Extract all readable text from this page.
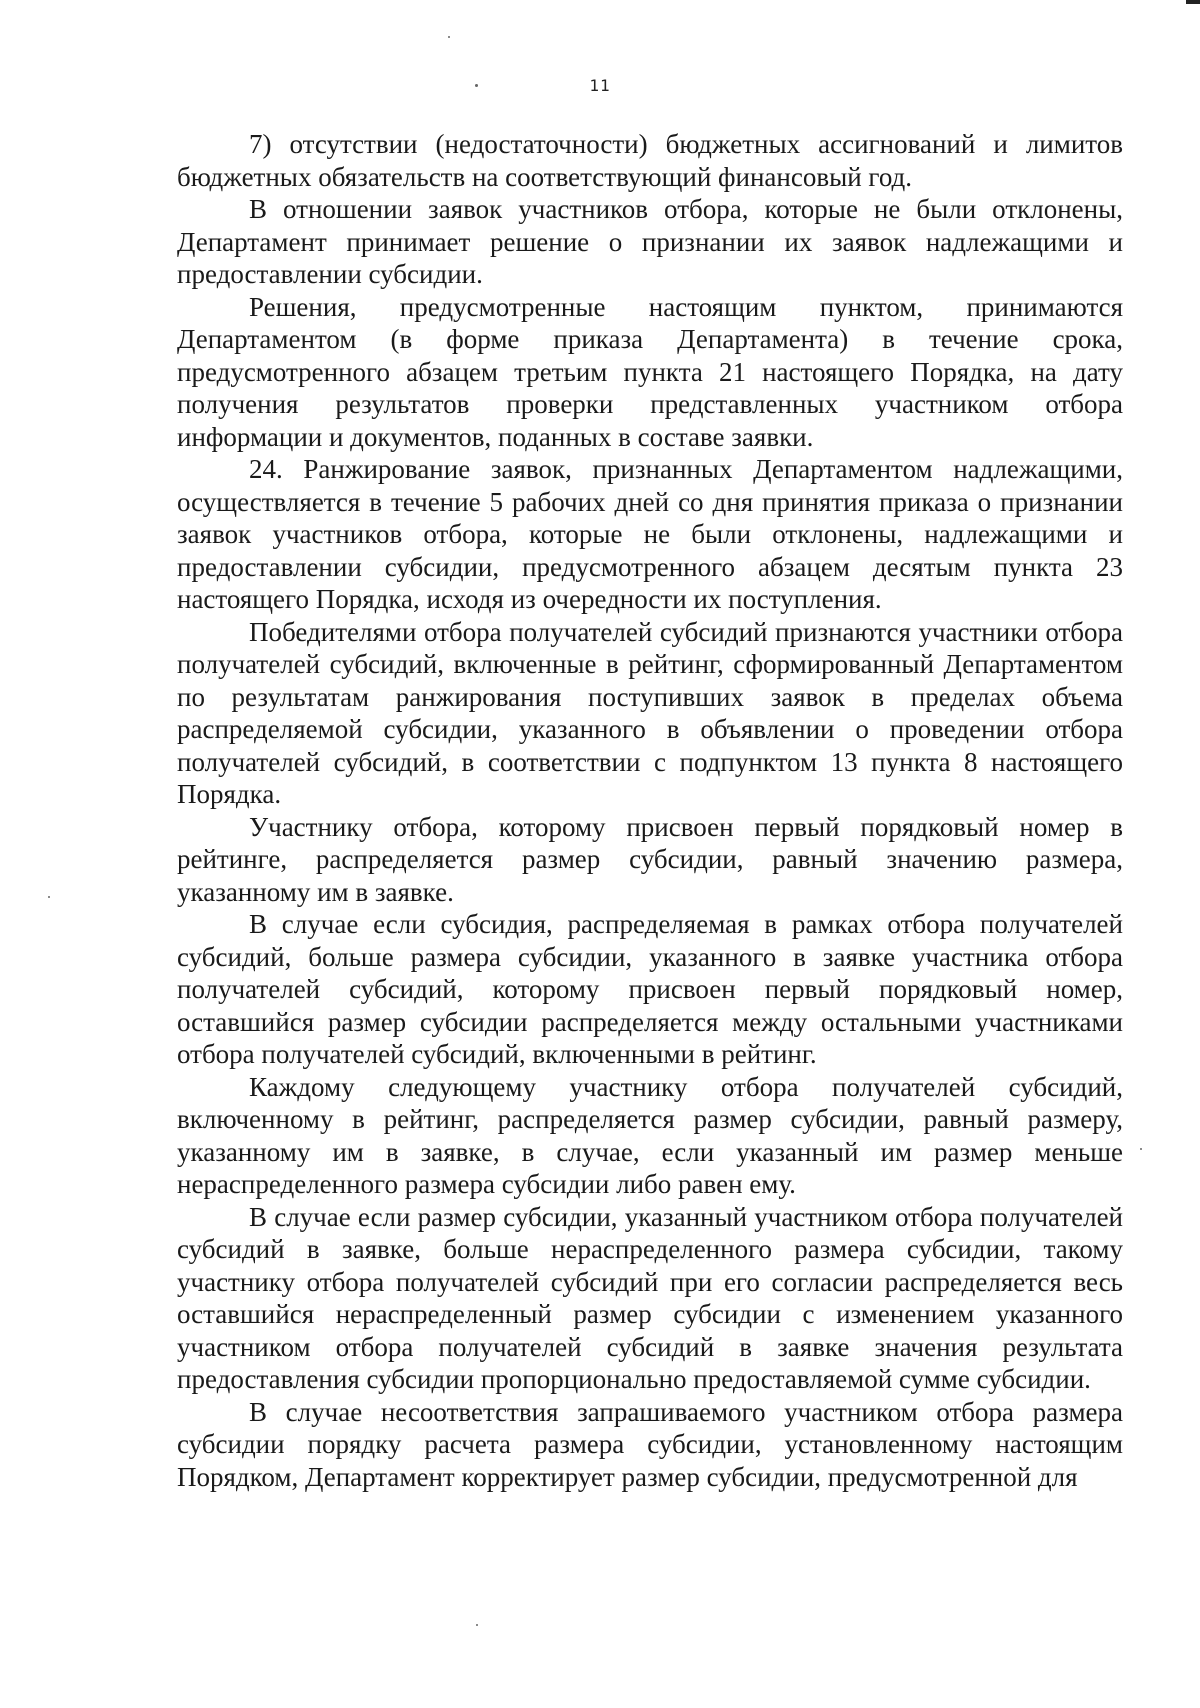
11

7) отсутствии (недостаточности) бюджетных ассигнований и лимитов бюджетных обязательств на соответствующий финансовый год.

В отношении заявок участников отбора, которые не были отклонены, Департамент принимает решение о признании их заявок надлежащими и предоставлении субсидии.

Решения, предусмотренные настоящим пунктом, принимаются Департаментом (в форме приказа Департамента) в течение срока, предусмотренного абзацем третьим пункта 21 настоящего Порядка, на дату получения результатов проверки представленных участником отбора информации и документов, поданных в составе заявки.

24. Ранжирование заявок, признанных Департаментом надлежащими, осуществляется в течение 5 рабочих дней со дня принятия приказа о признании заявок участников отбора, которые не были отклонены, надлежащими и предоставлении субсидии, предусмотренного абзацем десятым пункта 23 настоящего Порядка, исходя из очередности их поступления.

Победителями отбора получателей субсидий признаются участники отбора получателей субсидий, включенные в рейтинг, сформированный Департаментом по результатам ранжирования поступивших заявок в пределах объема распределяемой субсидии, указанного в объявлении о проведении отбора получателей субсидий, в соответствии с подпунктом 13 пункта 8 настоящего Порядка.

Участнику отбора, которому присвоен первый порядковый номер в рейтинге, распределяется размер субсидии, равный значению размера, указанному им в заявке.

В случае если субсидия, распределяемая в рамках отбора получателей субсидий, больше размера субсидии, указанного в заявке участника отбора получателей субсидий, которому присвоен первый порядковый номер, оставшийся размер субсидии распределяется между остальными участниками отбора получателей субсидий, включенными в рейтинг.

Каждому следующему участнику отбора получателей субсидий, включенному в рейтинг, распределяется размер субсидии, равный размеру, указанному им в заявке, в случае, если указанный им размер меньше нераспределенного размера субсидии либо равен ему.

В случае если размер субсидии, указанный участником отбора получателей субсидий в заявке, больше нераспределенного размера субсидии, такому участнику отбора получателей субсидий при его согласии распределяется весь оставшийся нераспределенный размер субсидии с изменением указанного участником отбора получателей субсидий в заявке значения результата предоставления субсидии пропорционально предоставляемой сумме субсидии.

В случае несоответствия запрашиваемого участником отбора размера субсидии порядку расчета размера субсидии, установленному настоящим Порядком, Департамент корректирует размер субсидии, предусмотренной для
